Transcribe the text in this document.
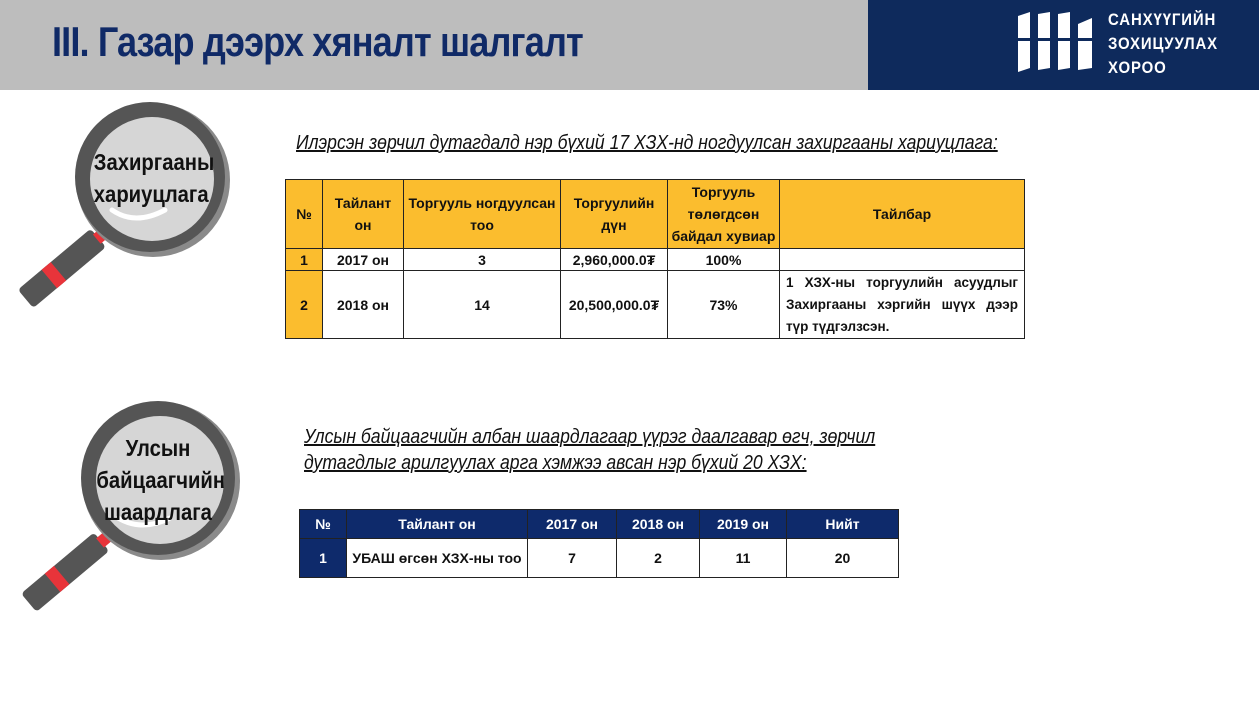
III. Газар дээрх хяналт шалгалт	САНХҮҮГИЙН
ЗОХИЦУУЛАХ
ХОРОО
Захиргааны
хариуцлага
Улсын
байцаагчийн
шаардлага
Илэрсэн зөрчил дутагдалд нэр бүхий 17 ХЗХ-нд ногдуулсан захиргааны хариуцлага:
№	Тайлант он	Торгууль ногдуулсан тоо	Торгуулийн дүн	Торгууль төлөгдсөн байдал хувиар	Тайлбар
1	2017 он	3	2,960,000.0₮	100%	
2	2018 он	14	20,500,000.0₮	73%	1 ХЗХ-ны торгуулийн асуудлыг Захиргааны хэргийн шүүх дээр түр түдгэлзсэн.
Улсын байцаагчийн албан шаардлагаар үүрэг даалгавар өгч, зөрчил
дутагдлыг арилгуулах арга хэмжээ авсан нэр бүхий 20 ХЗХ:
№	Тайлант он	2017 он	2018 он	2019 он	Нийт
1	УБАШ өгсөн ХЗХ-ны тоо	7	2	11	20
